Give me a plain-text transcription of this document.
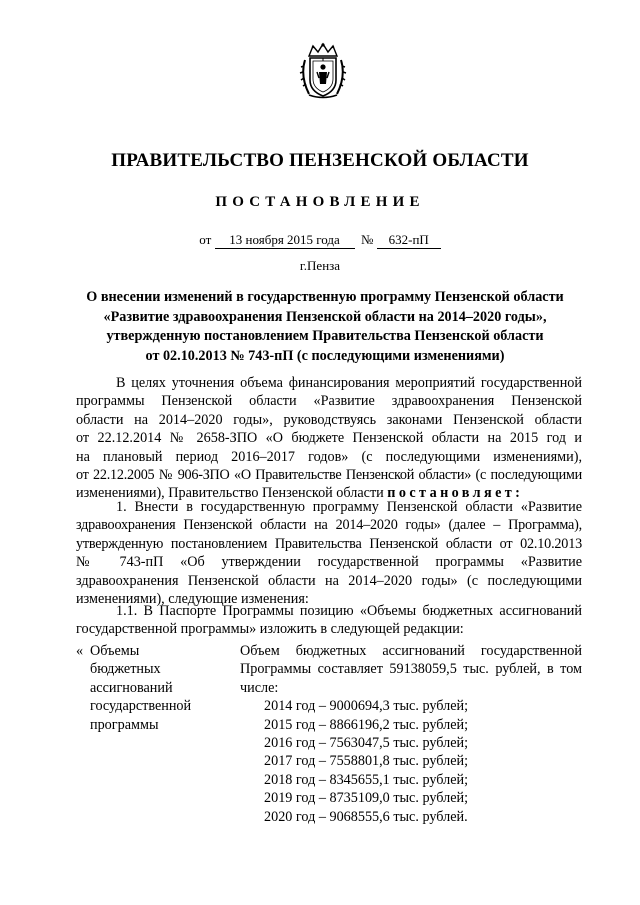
ПРАВИТЕЛЬСТВО ПЕНЗЕНСКОЙ ОБЛАСТИ
ПОСТАНОВЛЕНИЕ
от 13 ноября 2015 года № 632-пП
г.Пенза
О внесении изменений в государственную программу Пензенской области
«Развитие здравоохранения Пензенской области на 2014–2020 годы»,
утвержденную постановлением Правительства Пензенской области
от 02.10.2013 № 743-пП (с последующими изменениями)
В целях уточнения объема финансирования мероприятий государственной
программы Пензенской области «Развитие здравоохранения Пензенской
области на 2014–2020 годы», руководствуясь законами Пензенской области
от 22.12.2014 № 2658-ЗПО «О бюджете Пензенской области на 2015 год и
на плановый период 2016–2017 годов» (с последующими изменениями),
от 22.12.2005 № 906-ЗПО «О Правительстве Пензенской области» (с последующими
изменениями), Правительство Пензенской области постановляет:
1. Внести в государственную программу Пензенской области «Развитие
здравоохранения Пензенской области на 2014–2020 годы» (далее – Программа),
утвержденную постановлением Правительства Пензенской области от 02.10.2013
№ 743-пП «Об утверждении государственной программы «Развитие
здравоохранения Пензенской области на 2014–2020 годы» (с последующими
изменениями), следующие изменения:
1.1. В Паспорте Программы позицию «Объемы бюджетных ассигнований
государственной программы» изложить в следующей редакции:
« Объемы
бюджетных
ассигнований
государственной
программы
Объем бюджетных ассигнований государственной
Программы составляет 59138059,5 тыс. рублей, в том
числе:
2014 год – 9000694,3 тыс. рублей;
2015 год – 8866196,2 тыс. рублей;
2016 год – 7563047,5 тыс. рублей;
2017 год – 7558801,8 тыс. рублей;
2018 год – 8345655,1 тыс. рублей;
2019 год – 8735109,0 тыс. рублей;
2020 год – 9068555,6 тыс. рублей.
